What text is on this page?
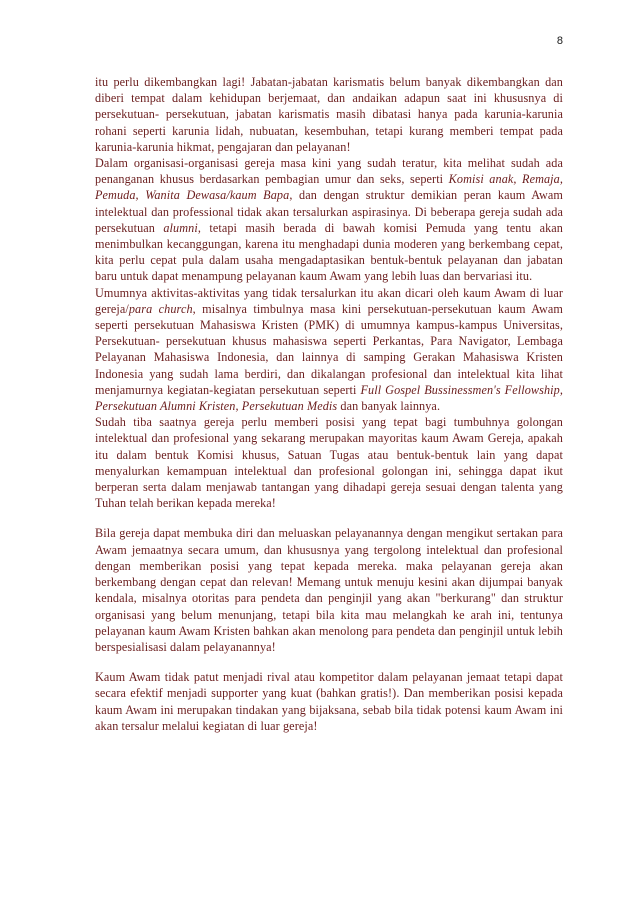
8

itu perlu dikembangkan lagi! Jabatan-jabatan karismatis belum banyak dikembangkan dan diberi tempat dalam kehidupan berjemaat, dan andaikan adapun saat ini khususnya di persekutuan- persekutuan, jabatan karismatis masih dibatasi hanya pada karunia-karunia rohani seperti karunia lidah, nubuatan, kesembuhan, tetapi kurang memberi tempat pada karunia-karunia hikmat, pengajaran dan pelayanan!

Dalam organisasi-organisasi gereja masa kini yang sudah teratur, kita melihat sudah ada penanganan khusus berdasarkan pembagian umur dan seks, seperti Komisi anak, Remaja, Pemuda, Wanita Dewasa/kaum Bapa, dan dengan struktur demikian peran kaum Awam intelektual dan professional tidak akan tersalurkan aspirasinya. Di beberapa gereja sudah ada persekutuan alumni, tetapi masih berada di bawah komisi Pemuda yang tentu akan menimbulkan kecanggungan, karena itu menghadapi dunia moderen yang berkembang cepat, kita perlu cepat pula dalam usaha mengadaptasikan bentuk-bentuk pelayanan dan jabatan baru untuk dapat menampung pelayanan kaum Awam yang lebih luas dan bervariasi itu.

Umumnya aktivitas-aktivitas yang tidak tersalurkan itu akan dicari oleh kaum Awam di luar gereja/para church, misalnya timbulnya masa kini persekutuan-persekutuan kaum Awam seperti persekutuan Mahasiswa Kristen (PMK) di umumnya kampus-kampus Universitas, Persekutuan- persekutuan khusus mahasiswa seperti Perkantas, Para Navigator, Lembaga Pelayanan Mahasiswa Indonesia, dan lainnya di samping Gerakan Mahasiswa Kristen Indonesia yang sudah lama berdiri, dan dikalangan profesional dan intelektual kita lihat menjamurnya kegiatan-kegiatan persekutuan seperti Full Gospel Bussinessmen's Fellowship, Persekutuan Alumni Kristen, Persekutuan Medis dan banyak lainnya.

Sudah tiba saatnya gereja perlu memberi posisi yang tepat bagi tumbuhnya golongan intelektual dan profesional yang sekarang merupakan mayoritas kaum Awam Gereja, apakah itu dalam bentuk Komisi khusus, Satuan Tugas atau bentuk-bentuk lain yang dapat menyalurkan kemampuan intelektual dan profesional golongan ini, sehingga dapat ikut berperan serta dalam menjawab tantangan yang dihadapi gereja sesuai dengan talenta yang Tuhan telah berikan kepada mereka!

Bila gereja dapat membuka diri dan meluaskan pelayanannya dengan mengikut sertakan para Awam jemaatnya secara umum, dan khususnya yang tergolong intelektual dan profesional dengan memberikan posisi yang tepat kepada mereka. maka pelayanan gereja akan berkembang dengan cepat dan relevan! Memang untuk menuju kesini akan dijumpai banyak kendala, misalnya otoritas para pendeta dan penginjil yang akan "berkurang" dan struktur organisasi yang belum menunjang, tetapi bila kita mau melangkah ke arah ini, tentunya pelayanan kaum Awam Kristen bahkan akan menolong para pendeta dan penginjil untuk lebih berspesialisasi dalam pelayanannya!

Kaum Awam tidak patut menjadi rival atau kompetitor dalam pelayanan jemaat tetapi dapat secara efektif menjadi supporter yang kuat (bahkan gratis!). Dan memberikan posisi kepada kaum Awam ini merupakan tindakan yang bijaksana, sebab bila tidak potensi kaum Awam ini akan tersalur melalui kegiatan di luar gereja!
